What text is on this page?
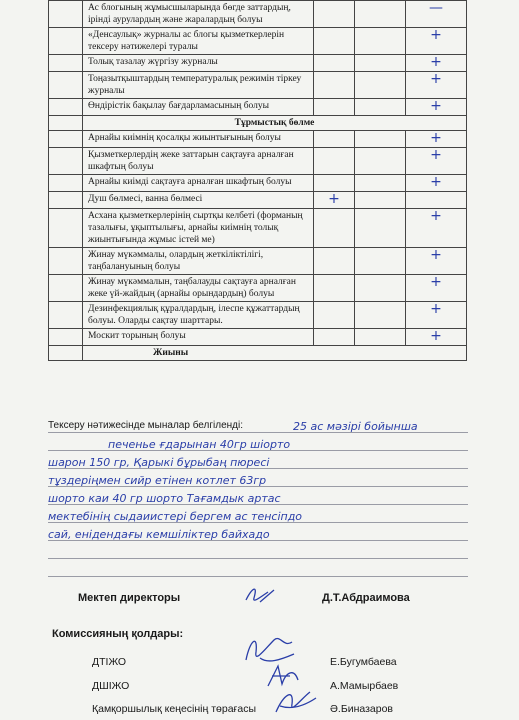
	Ас блогының жұмысшыларында бөгде заттардың, ірінді аурулардың және жаралардың болуы			—
	«Денсаулық» журналы ас блогы қызметкерлерін тексеру нәтижелері туралы			+
	Толық тазалау жүргізу журналы			+
	Тоңазытқыштардың температуралық режимін тіркеу журналы			+
	Өндірістік бақылау бағдарламасының болуы			+
	Тұрмыстық бөлме			
	Арнайы киімнің қосалқы жиынтығының болуы			+
	Қызметкерлердің жеке заттарын сақтауға арналған шкафтың болуы			+
	Арнайы киімді сақтауға арналған шкафтың болуы			+
	Душ бөлмесі, ванна бөлмесі	+		
	Асхана қызметкерлерінің сыртқы келбеті (форманың тазалығы, ұқыптылығы, арнайы киімнің толық жиынтығында жұмыс істей ме)			+
	Жинау мүкәммалы, олардың жеткіліктілігі, таңбалануының болуы			+
	Жинау мүкәммалын, таңбалауды сақтауға арналған жеке үй-жайдың (арнайы орындардың) болуы			+
	Дезинфекциялық құралдардың, ілеспе құжаттардың болуы. Оларды сақтау шарттары.			+
	Москит торының болуы			+
	Жиыны			
Тексеру нәтижесінде мыналар белгіленді:	25 ас мәзірі бойынша
печенье ғдарынан 40гр шіорто
шарон 150 гр, Қарыкі бұрыбаң пюресі
тұздеріңмен сийр етінен котлет 63гр
шорто каи 40 гр шорто Тағамдык артас
мектебінің сыдаиистері бергем ас тенсіпдо
сай, енідендағы кемшіліктер байхадо
Мектеп директоры	Д.Т.Абдраимова
Комиссияның қолдары:
ДТІЖО	Е.Бугумбаева
ДШІЖО	А.Мамырбаев
Қамқоршылық кеңесінің төрағасы	Ә.Биназаров
